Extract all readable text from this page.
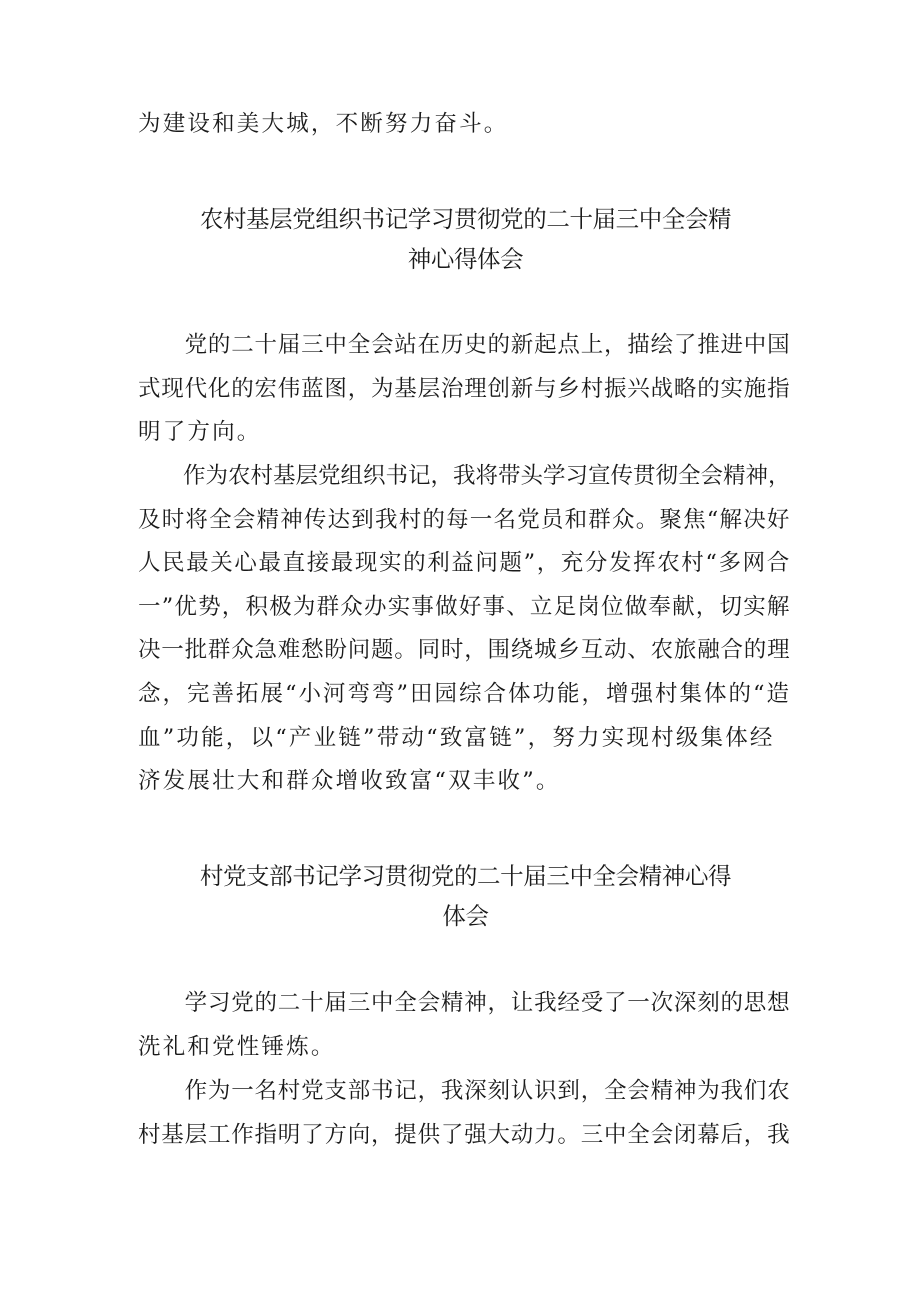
为建设和美大城，不断努力奋斗。

农村基层党组织书记学习贯彻党的二十届三中全会精
神心得体会

　　党的二十届三中全会站在历史的新起点上，描绘了推进中国
式现代化的宏伟蓝图，为基层治理创新与乡村振兴战略的实施指
明了方向。

　　作为农村基层党组织书记，我将带头学习宣传贯彻全会精神，
及时将全会精神传达到我村的每一名党员和群众。聚焦“解决好
人民最关心最直接最现实的利益问题”，充分发挥农村“多网合
一”优势，积极为群众办实事做好事、立足岗位做奉献，切实解
决一批群众急难愁盼问题。同时，围绕城乡互动、农旅融合的理
念，完善拓展“小河弯弯”田园综合体功能，增强村集体的“造
血”功能，以“产业链”带动“致富链”，努力实现村级集体经
济发展壮大和群众增收致富“双丰收”。

村党支部书记学习贯彻党的二十届三中全会精神心得
体会

　　学习党的二十届三中全会精神，让我经受了一次深刻的思想
洗礼和党性锤炼。

　　作为一名村党支部书记，我深刻认识到，全会精神为我们农
村基层工作指明了方向，提供了强大动力。三中全会闭幕后，我
